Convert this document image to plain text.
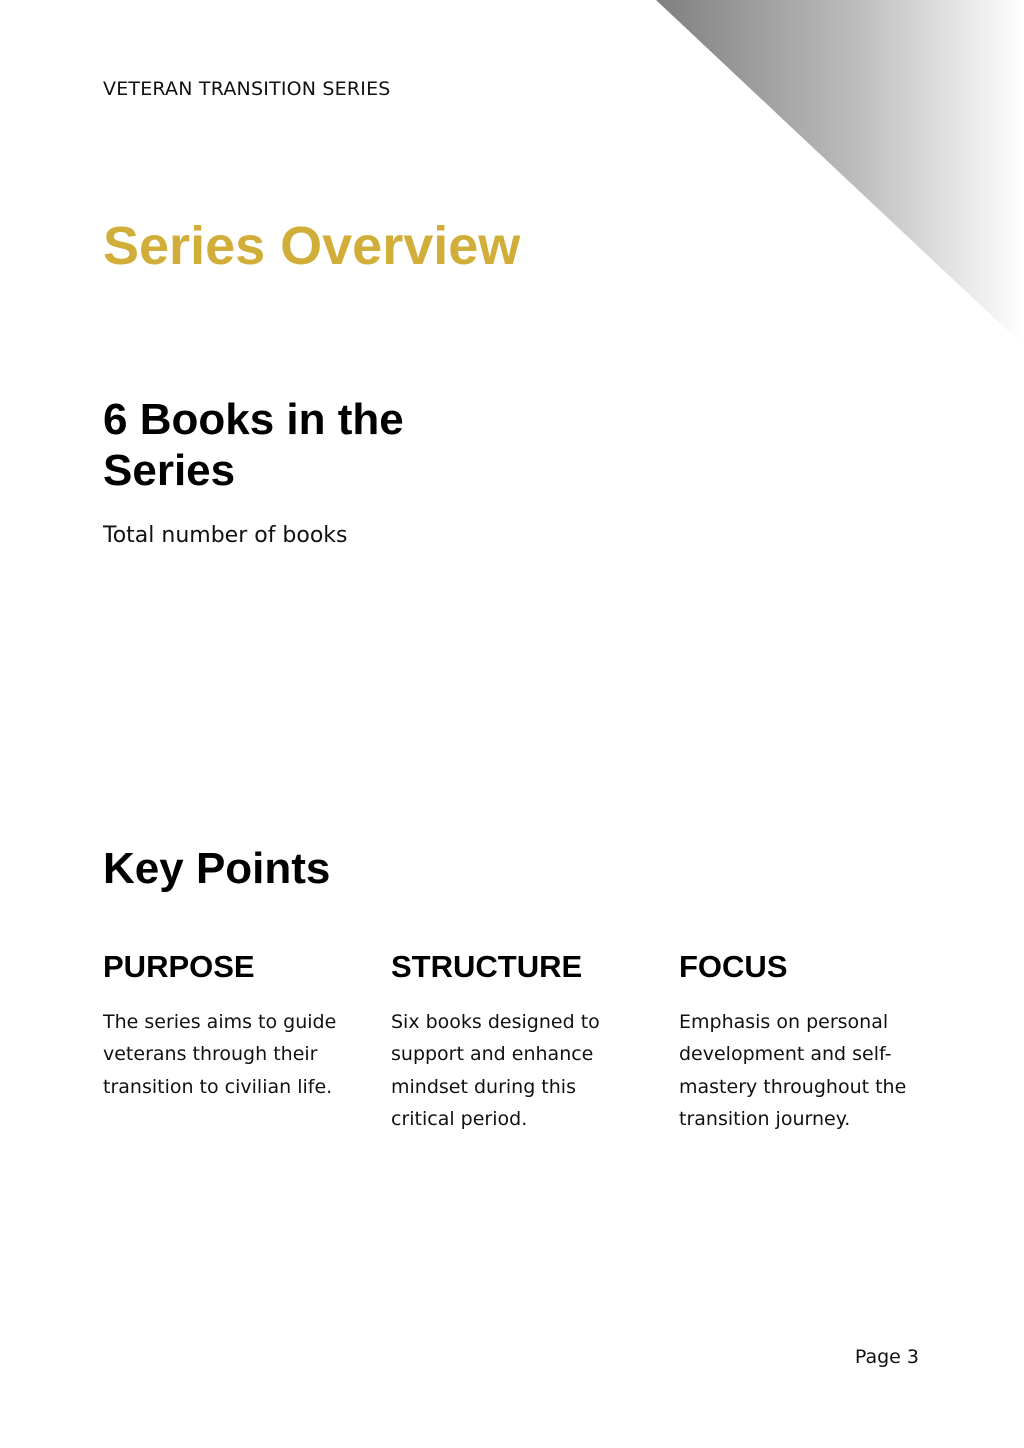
VETERAN TRANSITION SERIES
Series Overview
6 Books in the Series
Total number of books
Key Points
PURPOSE

The series aims to guide veterans through their transition to civilian life.

STRUCTURE

Six books designed to support and enhance mindset during this critical period.

FOCUS

Emphasis on personal development and self-mastery throughout the transition journey.

Page 3
